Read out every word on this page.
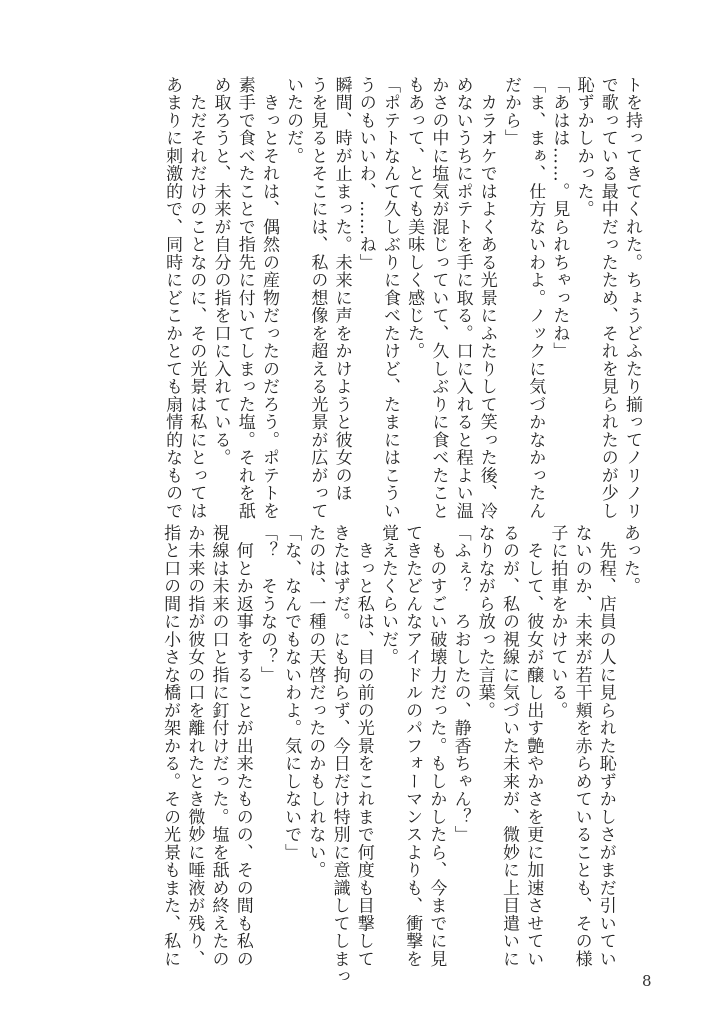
トを持ってきてくれた。ちょうどふたり揃ってノリノリ
で歌っている最中だったため、それを見られたのが少し
恥ずかしかった。
「あはは……。見られちゃったね」
「ま、まぁ、仕方ないわよ。ノックに気づかなかったん
だから」
　カラオケではよくある光景にふたりして笑った後、冷
めないうちにポテトを手に取る。口に入れると程よい温
かさの中に塩気が混じっていて、久しぶりに食べたこと
もあって、とても美味しく感じた。
「ポテトなんて久しぶりに食べたけど、たまにはこうい
うのもいいわ、……ね」
瞬間、時が止まった。未来に声をかけようと彼女のほ
うを見るとそこには、私の想像を超える光景が広がって
いたのだ。
　きっとそれは、偶然の産物だったのだろう。ポテトを
素手で食べたことで指先に付いてしまった塩。それを舐
め取ろうと、未来が自分の指を口に入れている。
　ただそれだけのことなのに、その光景は私にとっては
あまりに刺激的で、同時にどこかとても扇情的なもので
あった。
　先程、店員の人に見られた恥ずかしさがまだ引いてい
ないのか、未来が若干頬を赤らめていることも、その様
子に拍車をかけている。
　そして、彼女が醸し出す艶やかさを更に加速させてい
るのが、私の視線に気づいた未来が、微妙に上目遣いに
なりながら放った言葉。
「ふぇ？　ろおしたの、静香ちゃん？」
　ものすごい破壊力だった。もしかしたら、今までに見
てきたどんなアイドルのパフォーマンスよりも、衝撃を
覚えたくらいだ。
　きっと私は、目の前の光景をこれまで何度も目撃して
きたはずだ。にも拘らず、今日だけ特別に意識してしまっ
たのは、一種の天啓だったのかもしれない。
「な、なんでもないわよ。気にしないで」
「？　そうなの？」
　何とか返事をすることが出来たものの、その間も私の
視線は未来の口と指に釘付けだった。塩を舐め終えたの
か未来の指が彼女の口を離れたとき微妙に唾液が残り、
指と口の間に小さな橋が架かる。その光景もまた、私に
8
